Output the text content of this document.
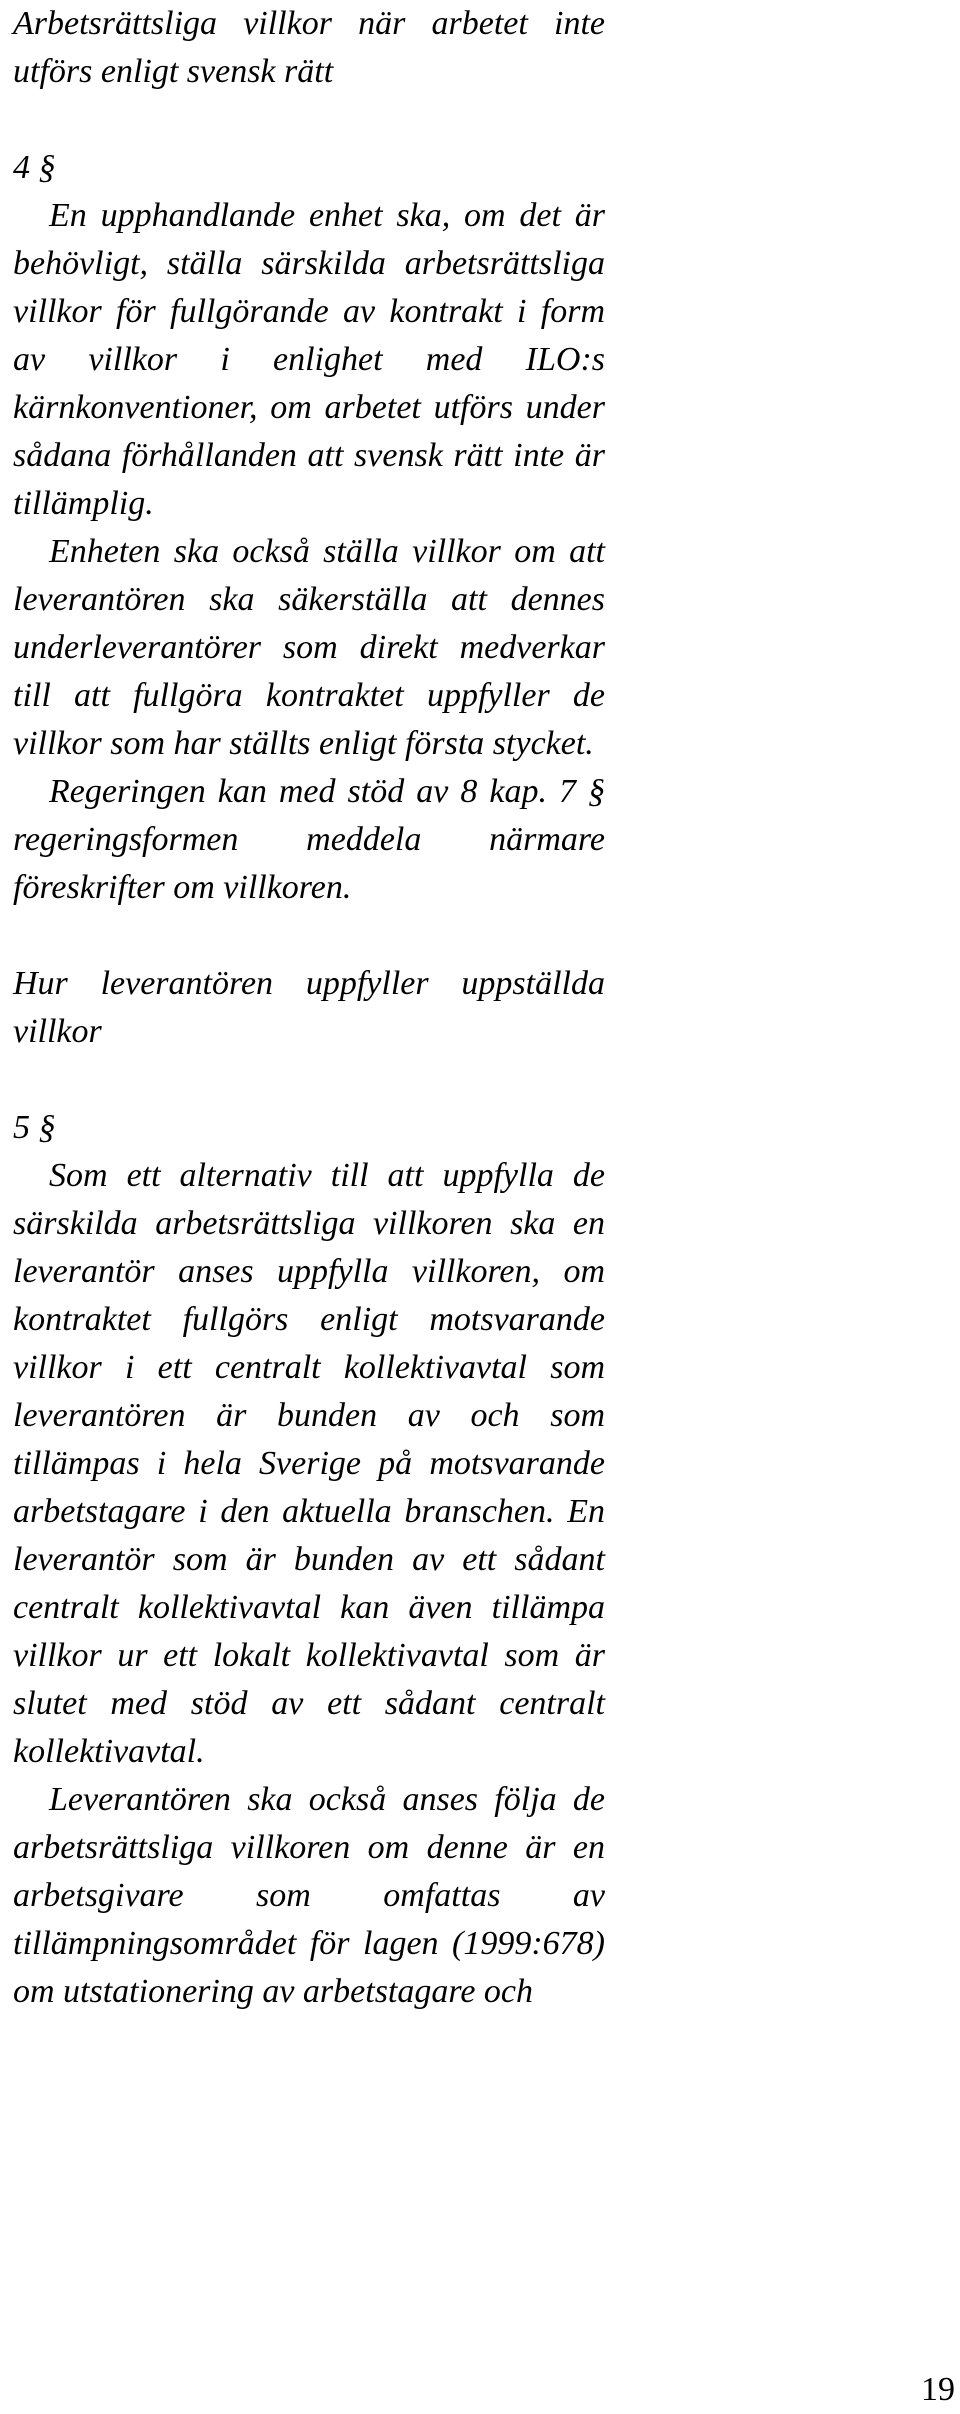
Arbetsrättsliga villkor när arbetet inte utförs enligt svensk rätt

4 §

En upphandlande enhet ska, om det är behövligt, ställa särskilda arbetsrättsliga villkor för fullgörande av kontrakt i form av villkor i enlighet med ILO:s kärnkonventioner, om arbetet utförs under sådana förhållanden att svensk rätt inte är tillämplig.

Enheten ska också ställa villkor om att leverantören ska säkerställa att dennes underleverantörer som direkt medverkar till att fullgöra kontraktet uppfyller de villkor som har ställts enligt första stycket.

Regeringen kan med stöd av 8 kap. 7 § regeringsformen meddela närmare föreskrifter om villkoren.

Hur leverantören uppfyller uppställda villkor

5 §

Som ett alternativ till att uppfylla de särskilda arbetsrättsliga villkoren ska en leverantör anses uppfylla villkoren, om kontraktet fullgörs enligt motsvarande villkor i ett centralt kollektivavtal som leverantören är bunden av och som tillämpas i hela Sverige på motsvarande arbetstagare i den aktuella branschen. En leverantör som är bunden av ett sådant centralt kollektivavtal kan även tillämpa villkor ur ett lokalt kollektivavtal som är slutet med stöd av ett sådant centralt kollektivavtal.

Leverantören ska också anses följa de arbetsrättsliga villkoren om denne är en arbetsgivare som omfattas av tillämpningsområdet för lagen (1999:678) om utstationering av arbetstagare och

19
